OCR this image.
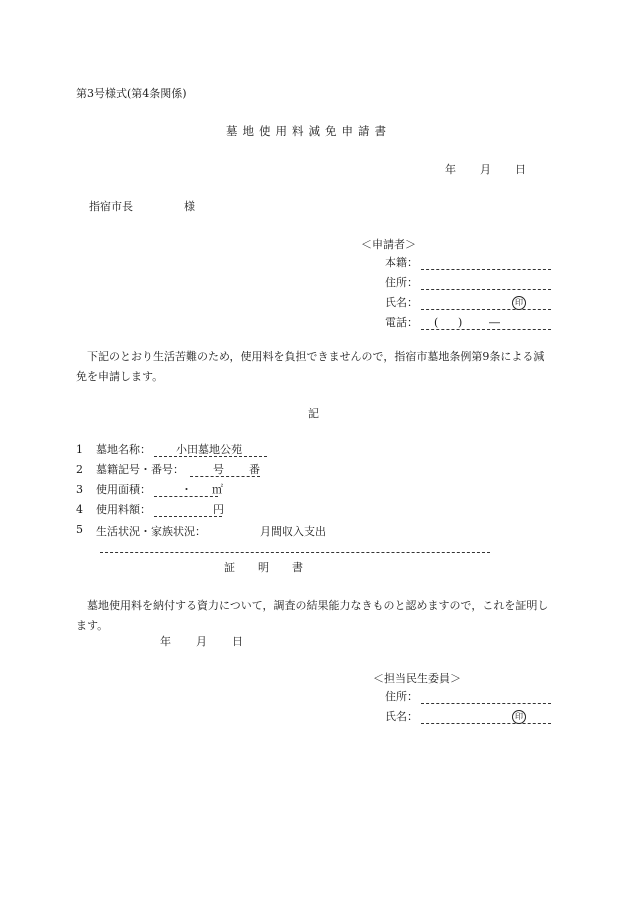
第3号様式(第4条関係)
墓地使用料減免申請書
年 月 日
指宿市長	様
＜申請者＞
本籍：
住所：
氏名：	印
電話： ( ) ―
下記のとおり生活苦難のため，使用料を負担できませんので，指宿市墓地条例第9条による減免を申請します。
記
1 墓地名称： 小田墓地公苑
2 墓籍記号・番号：	号 番
3 使用面積：	・ ㎡
4 使用料額：	円
5 生活状況・家族状況：	月間収入支出
証　明　書
墓地使用料を納付する資力について，調査の結果能力なきものと認めますので，これを証明します。
年 月 日
＜担当民生委員＞
住所：
氏名：	印
